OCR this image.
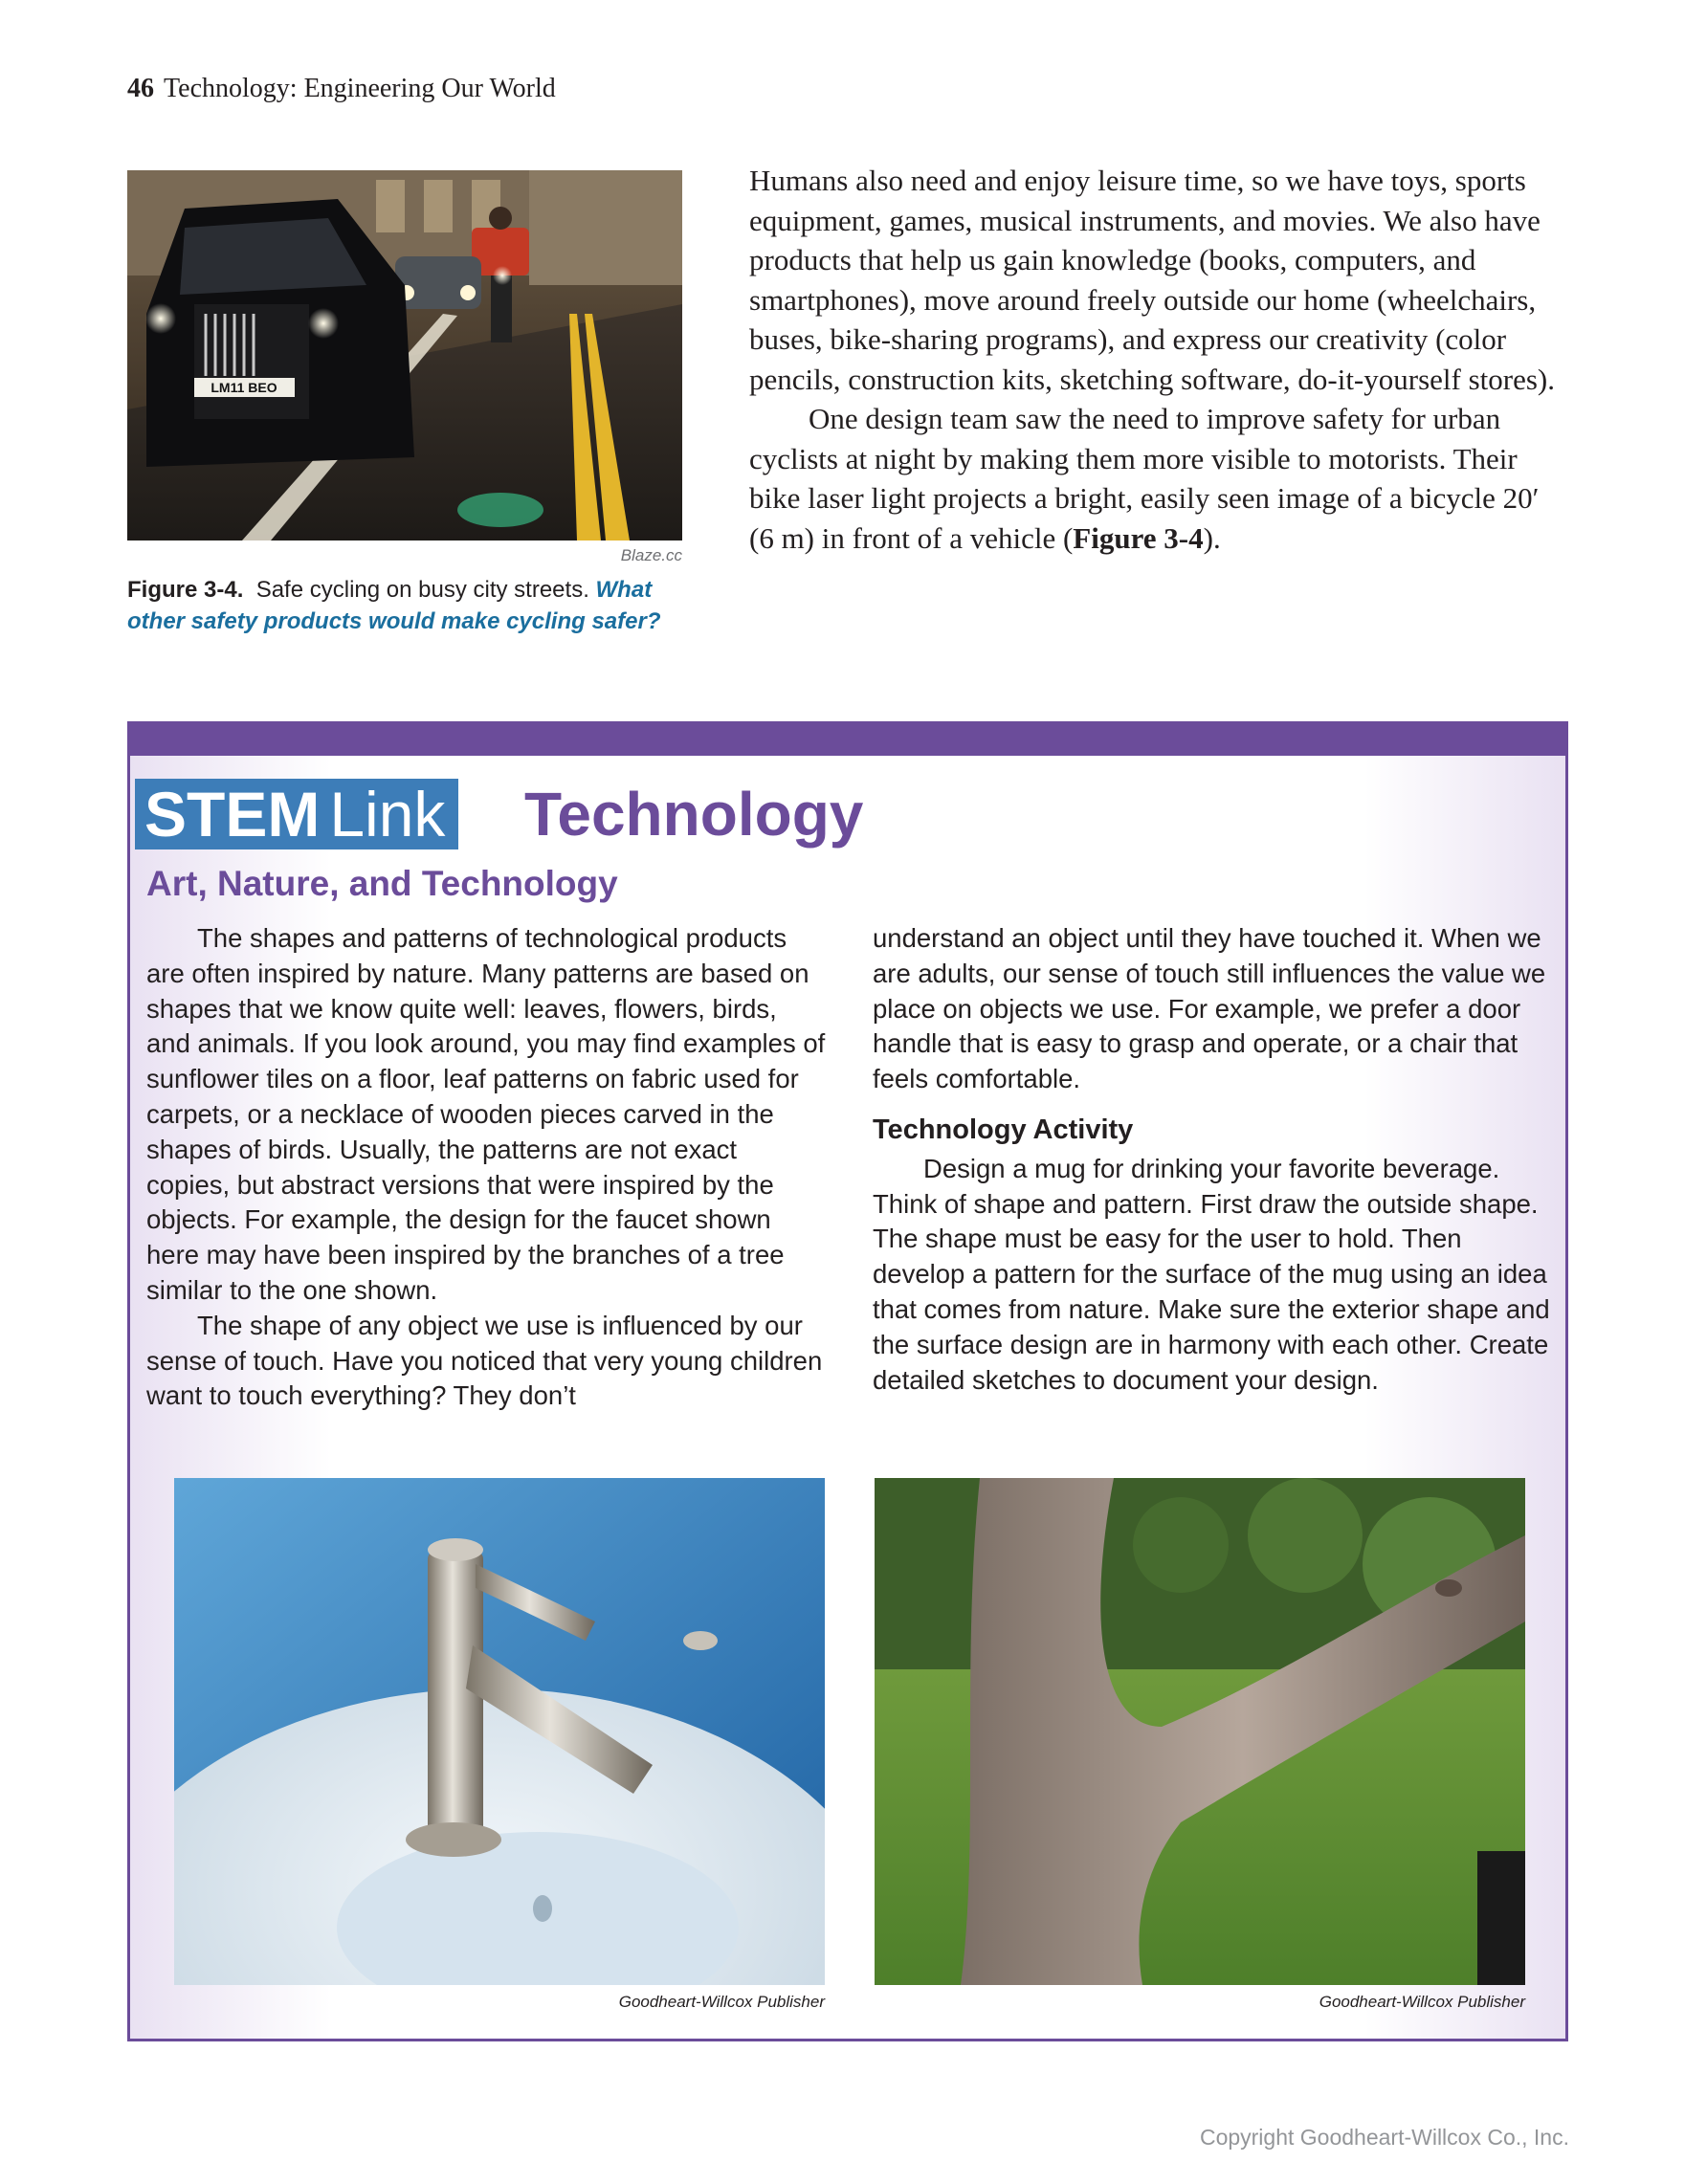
46 Technology: Engineering Our World
LM11 BEO
Blaze.cc
Figure 3-4. Safe cycling on busy city streets. What other safety products would make cycling safer?

Humans also need and enjoy leisure time, so we have toys, sports equipment, games, musical instruments, and movies. We also have products that help us gain knowledge (books, computers, and smartphones), move around freely outside our home (wheelchairs, buses, bike-sharing programs), and express our creativity (color pencils, construction kits, sketching software, do-it-yourself stores).

One design team saw the need to improve safety for urban cyclists at night by making them more visible to motorists. Their bike laser light projects a bright, easily seen image of a bicycle 20′ (6 m) in front of a vehicle (Figure 3-4).

STEM Link Technology
Art, Nature, and Technology

The shapes and patterns of technological products are often inspired by nature. Many patterns are based on shapes that we know quite well: leaves, flowers, birds, and animals. If you look around, you may find examples of sunflower tiles on a floor, leaf patterns on fabric used for carpets, or a necklace of wooden pieces carved in the shapes of birds. Usually, the patterns are not exact copies, but abstract versions that were inspired by the objects. For example, the design for the faucet shown here may have been inspired by the branches of a tree similar to the one shown.

The shape of any object we use is influenced by our sense of touch. Have you noticed that very young children want to touch everything? They don’t

understand an object until they have touched it. When we are adults, our sense of touch still influences the value we place on objects we use. For example, we prefer a door handle that is easy to grasp and operate, or a chair that feels comfortable.

Technology Activity

Design a mug for drinking your favorite beverage. Think of shape and pattern. First draw the outside shape. The shape must be easy for the user to hold. Then develop a pattern for the surface of the mug using an idea that comes from nature. Make sure the exterior shape and the surface design are in harmony with each other. Create detailed sketches to document your design.

Goodheart-Willcox Publisher	Goodheart-Willcox Publisher
Copyright Goodheart-Willcox Co., Inc.
